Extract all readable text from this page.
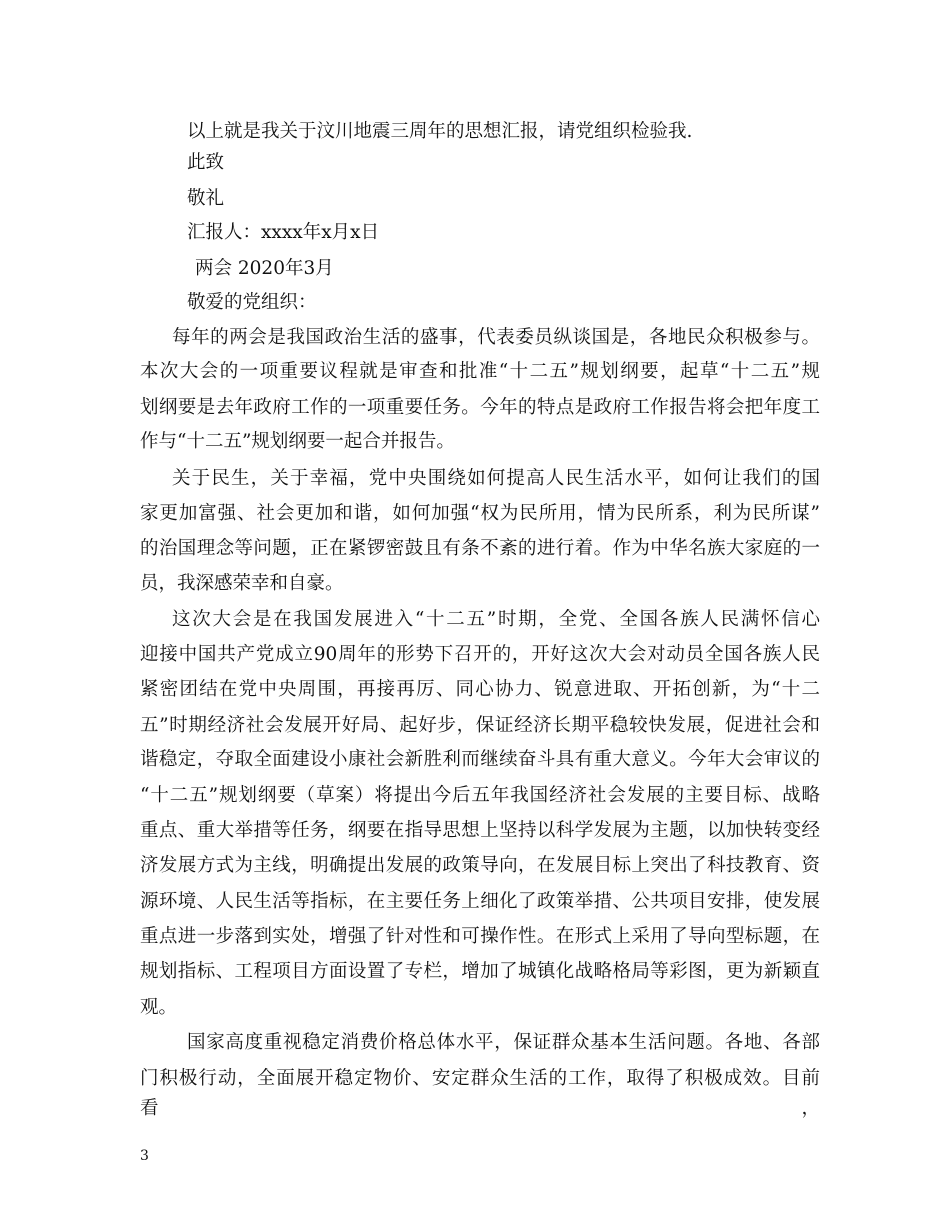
以上就是我关于汶川地震三周年的思想汇报，请党组织检验我.
此致
敬礼
汇报人：xxxx年x月x日
两会 2020年3月
敬爱的党组织：
每年的两会是我国政治生活的盛事，代表委员纵谈国是，各地民众积极参与。
本次大会的一项重要议程就是审查和批准“十二五”规划纲要，起草“十二五”规
划纲要是去年政府工作的一项重要任务。今年的特点是政府工作报告将会把年度工
作与“十二五”规划纲要一起合并报告。
关于民生，关于幸福，党中央围绕如何提高人民生活水平，如何让我们的国
家更加富强、社会更加和谐，如何加强“权为民所用，情为民所系，利为民所谋”
的治国理念等问题，正在紧锣密鼓且有条不紊的进行着。作为中华名族大家庭的一
员，我深感荣幸和自豪。
这次大会是在我国发展进入“十二五”时期，全党、全国各族人民满怀信心
迎接中国共产党成立90周年的形势下召开的，开好这次大会对动员全国各族人民
紧密团结在党中央周围，再接再厉、同心协力、锐意进取、开拓创新，为“十二
五”时期经济社会发展开好局、起好步，保证经济长期平稳较快发展，促进社会和
谐稳定，夺取全面建设小康社会新胜利而继续奋斗具有重大意义。今年大会审议的
“十二五”规划纲要（草案）将提出今后五年我国经济社会发展的主要目标、战略
重点、重大举措等任务，纲要在指导思想上坚持以科学发展为主题，以加快转变经
济发展方式为主线，明确提出发展的政策导向，在发展目标上突出了科技教育、资
源环境、人民生活等指标，在主要任务上细化了政策举措、公共项目安排，使发展
重点进一步落到实处，增强了针对性和可操作性。在形式上采用了导向型标题，在
规划指标、工程项目方面设置了专栏，增加了城镇化战略格局等彩图，更为新颖直
观。
国家高度重视稳定消费价格总体水平，保证群众基本生活问题。各地、各部
门积极行动，全面展开稳定物价、安定群众生活的工作，取得了积极成效。目前看，
3
